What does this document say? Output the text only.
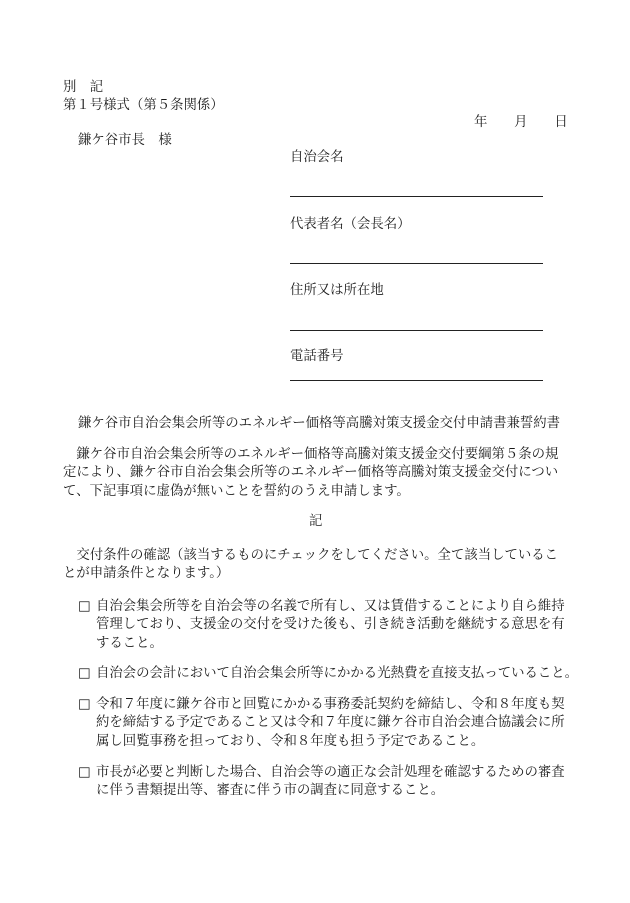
別　記
第１号様式（第５条関係）
年　　月　　日
鎌ケ谷市長　様
自治会名
代表者名（会長名）
住所又は所在地
電話番号
鎌ケ谷市自治会集会所等のエネルギー価格等高騰対策支援金交付申請書兼誓約書
　鎌ケ谷市自治会集会所等のエネルギー価格等高騰対策支援金交付要綱第５条の規
定により、鎌ケ谷市自治会集会所等のエネルギー価格等高騰対策支援金交付につい
て、下記事項に虚偽が無いことを誓約のうえ申請します。
記
　交付条件の確認（該当するものにチェックをしてください。全て該当しているこ
とが申請条件となります。）
□ 自治会集会所等を自治会等の名義で所有し、又は賃借することにより自ら維持
管理しており、支援金の交付を受けた後も、引き続き活動を継続する意思を有
すること。
□ 自治会の会計において自治会集会所等にかかる光熱費を直接支払っていること。
□ 令和７年度に鎌ケ谷市と回覧にかかる事務委託契約を締結し、令和８年度も契
約を締結する予定であること又は令和７年度に鎌ケ谷市自治会連合協議会に所
属し回覧事務を担っており、令和８年度も担う予定であること。
□ 市長が必要と判断した場合、自治会等の適正な会計処理を確認するための審査
に伴う書類提出等、審査に伴う市の調査に同意すること。
